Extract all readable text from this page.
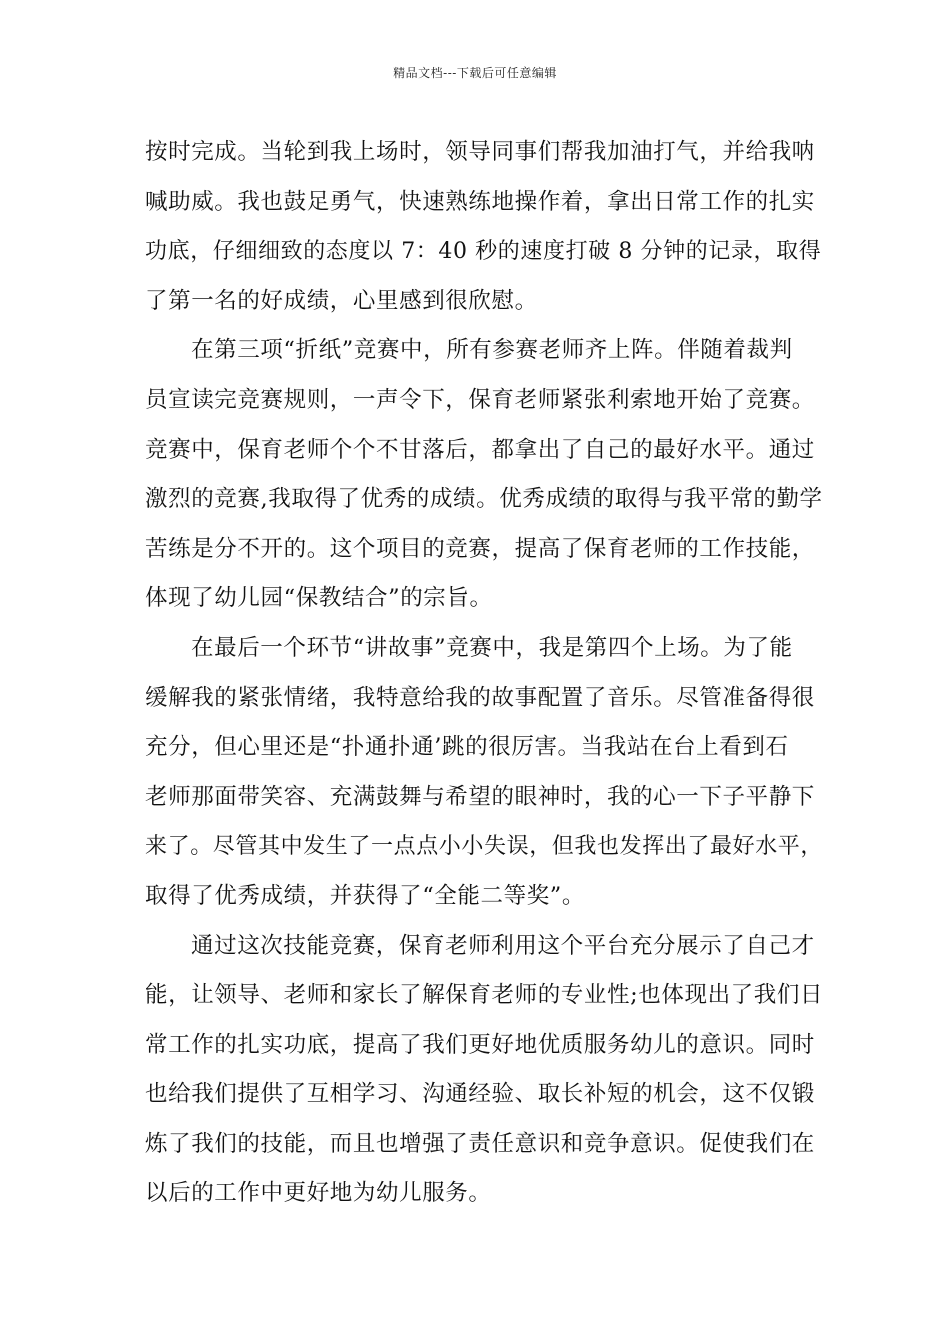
精品文档---下载后可任意编辑
按时完成。当轮到我上场时，领导同事们帮我加油打气，并给我呐
喊助威。我也鼓足勇气，快速熟练地操作着，拿出日常工作的扎实
功底，仔细细致的态度以 7：40 秒的速度打破 8 分钟的记录，取得
了第一名的好成绩，心里感到很欣慰。
在第三项“折纸”竞赛中，所有参赛老师齐上阵。伴随着裁判
员宣读完竞赛规则，一声令下，保育老师紧张利索地开始了竞赛。
竞赛中，保育老师个个不甘落后，都拿出了自己的最好水平。通过
激烈的竞赛,我取得了优秀的成绩。优秀成绩的取得与我平常的勤学
苦练是分不开的。这个项目的竞赛，提高了保育老师的工作技能，
体现了幼儿园“保教结合”的宗旨。
在最后一个环节“讲故事”竞赛中，我是第四个上场。为了能
缓解我的紧张情绪，我特意给我的故事配置了音乐。尽管准备得很
充分，但心里还是“扑通扑通’跳的很厉害。当我站在台上看到石
老师那面带笑容、充满鼓舞与希望的眼神时，我的心一下子平静下
来了。尽管其中发生了一点点小小失误，但我也发挥出了最好水平，
取得了优秀成绩，并获得了“全能二等奖”。
通过这次技能竞赛，保育老师利用这个平台充分展示了自己才
能，让领导、老师和家长了解保育老师的专业性;也体现出了我们日
常工作的扎实功底，提高了我们更好地优质服务幼儿的意识。同时
也给我们提供了互相学习、沟通经验、取长补短的机会，这不仅锻
炼了我们的技能，而且也增强了责任意识和竞争意识。促使我们在
以后的工作中更好地为幼儿服务。
